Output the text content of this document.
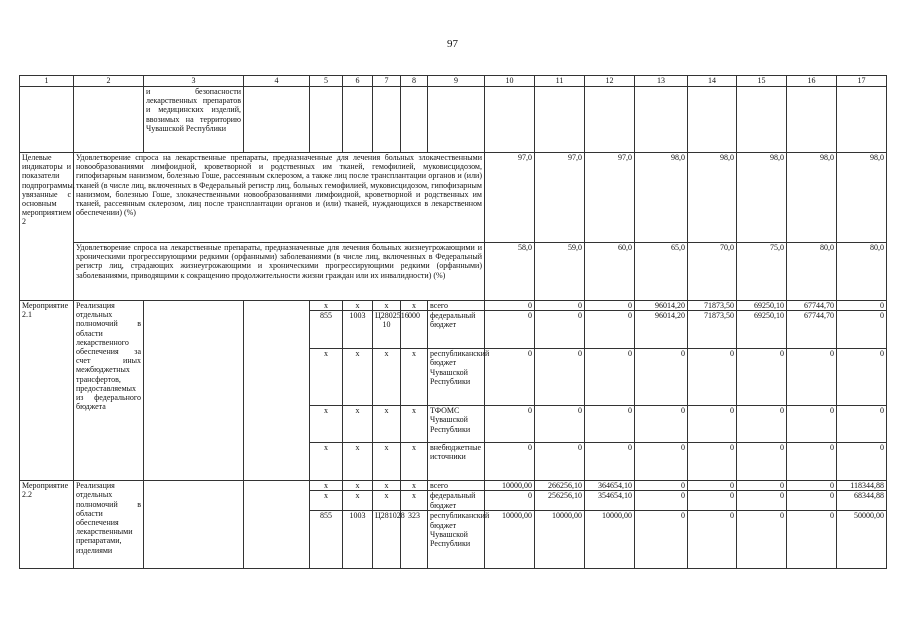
97
1	2	3	4	5	6	7	8	9	10	11	12	13	14	15	16	17
		и безопасности лекарственных препаратов и медицинских изделий, ввозимых на территорию Чувашской Республики														
Целевые индикаторы и показатели подпрограммы, увязанные с основным мероприятием 2	Удовлетворение спроса на лекарственные препараты, предназначенные для лечения больных злокачественными новообразованиями лимфоидной, кроветворной и родственных им тканей, гемофилией, муковисцидозом, гипофизарным нанизмом, болезнью Гоше, рассеянным склерозом, а также лиц после трансплантации органов и (или) тканей (в числе лиц, включенных в Федеральный регистр лиц, больных гемофилией, муковисцидозом, гипофизарным нанизмом, болезнью Гоше, злокачественными новообразованиями лимфоидной, кроветворной и родственных им тканей, рассеянным склерозом, лиц после трансплантации органов и (или) тканей, нуждающихся в лекарственном обеспечении) (%)								97,0	97,0	97,0	98,0	98,0	98,0	98,0	98,0
	Удовлетворение спроса на лекарственные препараты, предназначенные для лечения больных жизнеугрожающими и хроническими прогрессирующими редкими (орфанными) заболеваниями (в числе лиц, включенных в Федеральный регистр лиц, страдающих жизнеугрожающими и хроническими прогрессирующими редкими (орфанными) заболеваниями, приводящими к сокращению продолжительности жизни граждан или их инвалидности) (%)								58,0	59,0	60,0	65,0	70,0	75,0	80,0	80,0
Мероприятие 2.1	Реализация отдельных полномочий в области лекарственного обеспечения за счет иных межбюджетных трансфертов, предоставляемых из федерального бюджета			x	x	x	x	всего	0	0	0	96014,20	71873,50	69250,10	67744,70	0
				855	1003	Ц2802516 10	000	федеральный бюджет	0	0	0	96014,20	71873,50	69250,10	67744,70	0
				x	x	x	x	республиканский бюджет Чувашской Республики	0	0	0	0	0	0	0	0
				x	x	x	x	ТФОМС Чувашской Республики	0	0	0	0	0	0	0	0
				x	x	x	x	внебюджетные источники	0	0	0	0	0	0	0	0
Мероприятие 2.2	Реализация отдельных полномочий в области обеспечения лекарственными препаратами, изделиями			x	x	x	x	всего	10000,00	266256,10	364654,10	0	0	0	0	118344,88
				x	x	x	x	федеральный бюджет	0	256256,10	354654,10	0	0	0	0	68344,88
				855	1003	Ц281028	323	республиканский бюджет Чувашской Республики	10000,00	10000,00	10000,00	0	0	0	0	50000,00
